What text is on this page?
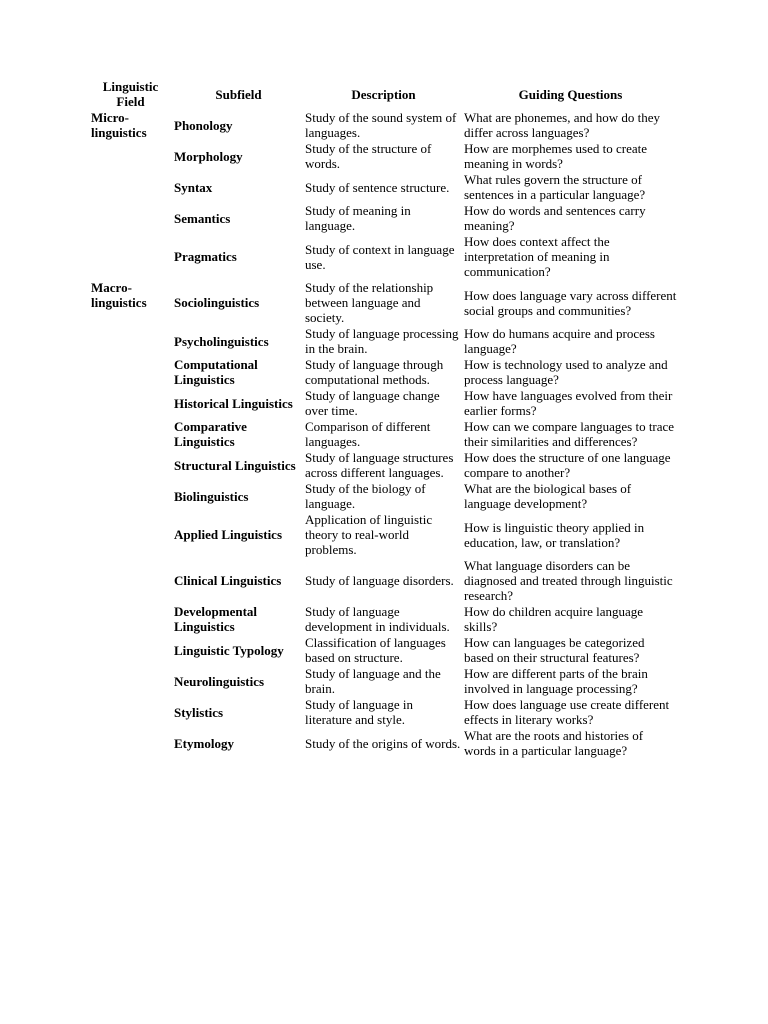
Linguistic Field	Subfield	Description	Guiding Questions
Micro-linguistics	Phonology	Study of the sound system of languages.	What are phonemes, and how do they differ across languages?
	Morphology	Study of the structure of words.	How are morphemes used to create meaning in words?
	Syntax	Study of sentence structure.	What rules govern the structure of sentences in a particular language?
	Semantics	Study of meaning in language.	How do words and sentences carry meaning?
	Pragmatics	Study of context in language use.	How does context affect the interpretation of meaning in communication?
Macro-linguistics	Sociolinguistics	Study of the relationship between language and society.	How does language vary across different social groups and communities?
	Psycholinguistics	Study of language processing in the brain.	How do humans acquire and process language?
	Computational Linguistics	Study of language through computational methods.	How is technology used to analyze and process language?
	Historical Linguistics	Study of language change over time.	How have languages evolved from their earlier forms?
	Comparative Linguistics	Comparison of different languages.	How can we compare languages to trace their similarities and differences?
	Structural Linguistics	Study of language structures across different languages.	How does the structure of one language compare to another?
	Biolinguistics	Study of the biology of language.	What are the biological bases of language development?
	Applied Linguistics	Application of linguistic theory to real-world problems.	How is linguistic theory applied in education, law, or translation?
	Clinical Linguistics	Study of language disorders.	What language disorders can be diagnosed and treated through linguistic research?
	Developmental Linguistics	Study of language development in individuals.	How do children acquire language skills?
	Linguistic Typology	Classification of languages based on structure.	How can languages be categorized based on their structural features?
	Neurolinguistics	Study of language and the brain.	How are different parts of the brain involved in language processing?
	Stylistics	Study of language in literature and style.	How does language use create different effects in literary works?
	Etymology	Study of the origins of words.	What are the roots and histories of words in a particular language?
